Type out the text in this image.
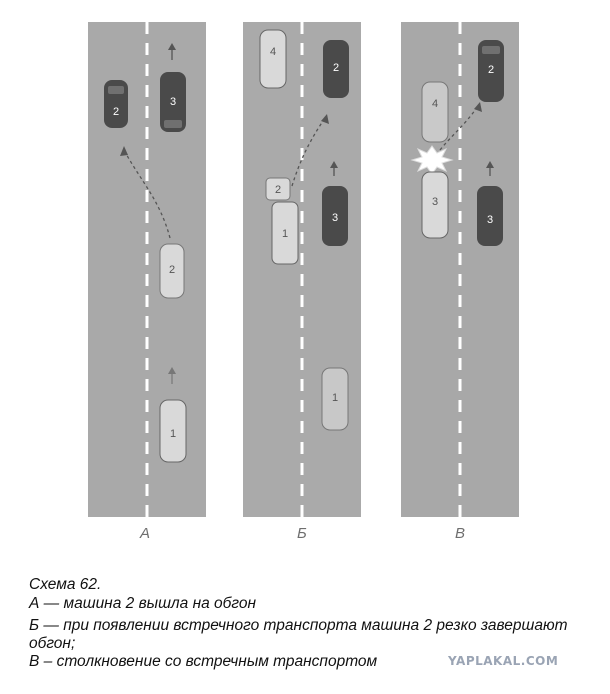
2
3
2
1
4
2
2
1
3
1
2
4
3
3
А	Б	В
Схема 62.
А — машина 2 вышла на обгон
Б — при появлении встречного транспорта машина 2 резко завершают обгон;
В – столкновение со встречным транспортом	YAPLAKAL.COM
